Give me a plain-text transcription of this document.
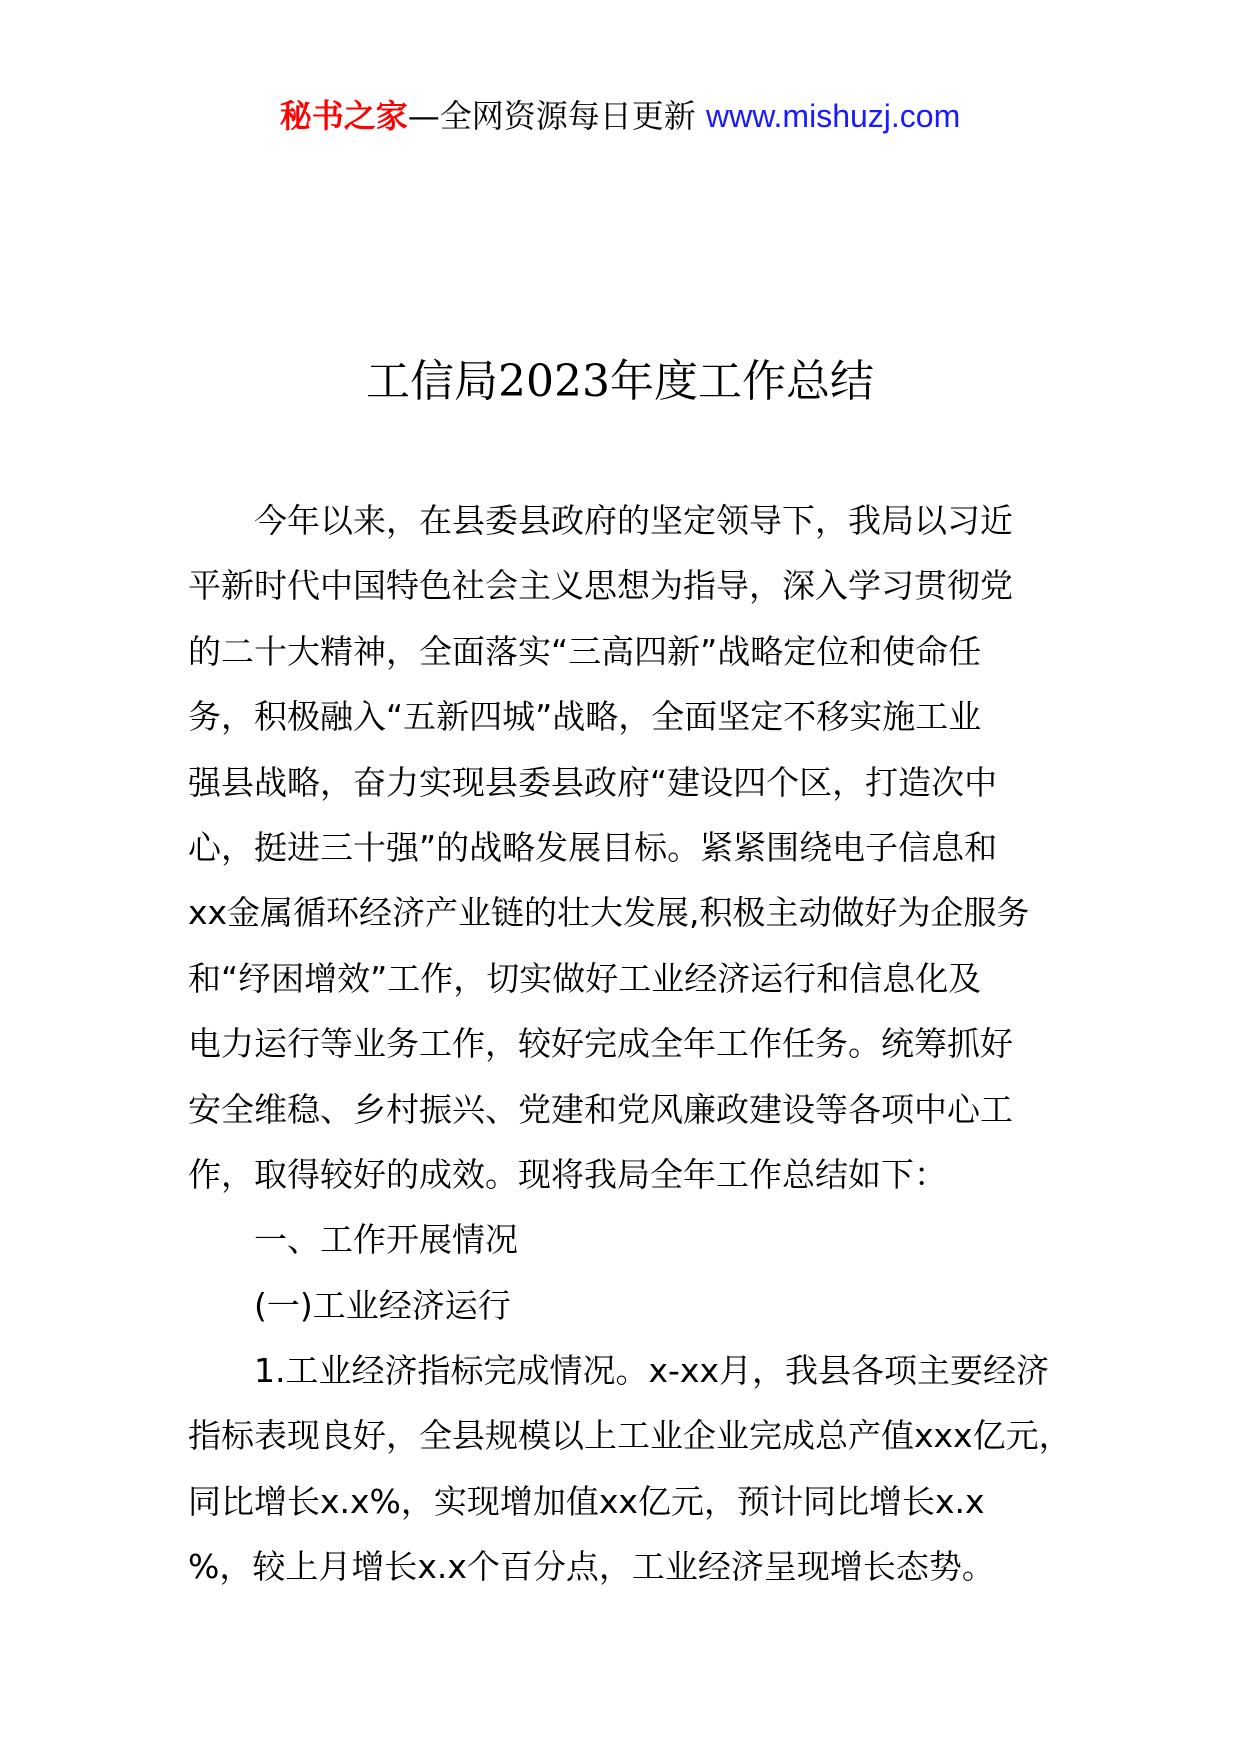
秘书之家—全网资源每日更新 www.mishuzj.com
工信局2023年度工作总结
今年以来，在县委县政府的坚定领导下，我局以习近
平新时代中国特色社会主义思想为指导，深入学习贯彻党
的二十大精神，全面落实“三高四新”战略定位和使命任
务，积极融入“五新四城”战略，全面坚定不移实施工业
强县战略，奋力实现县委县政府“建设四个区，打造次中
心，挺进三十强”的战略发展目标。紧紧围绕电子信息和
xx金属循环经济产业链的壮大发展,积极主动做好为企服务
和“纾困增效”工作，切实做好工业经济运行和信息化及
电力运行等业务工作，较好完成全年工作任务。统筹抓好
安全维稳、乡村振兴、党建和党风廉政建设等各项中心工
作，取得较好的成效。现将我局全年工作总结如下：
一、工作开展情况
(一)工业经济运行
1.工业经济指标完成情况。x-xx月，我县各项主要经济
指标表现良好，全县规模以上工业企业完成总产值xxx亿元，
同比增长x.x%，实现增加值xx亿元，预计同比增长x.x
%，较上月增长x.x个百分点，工业经济呈现增长态势。
